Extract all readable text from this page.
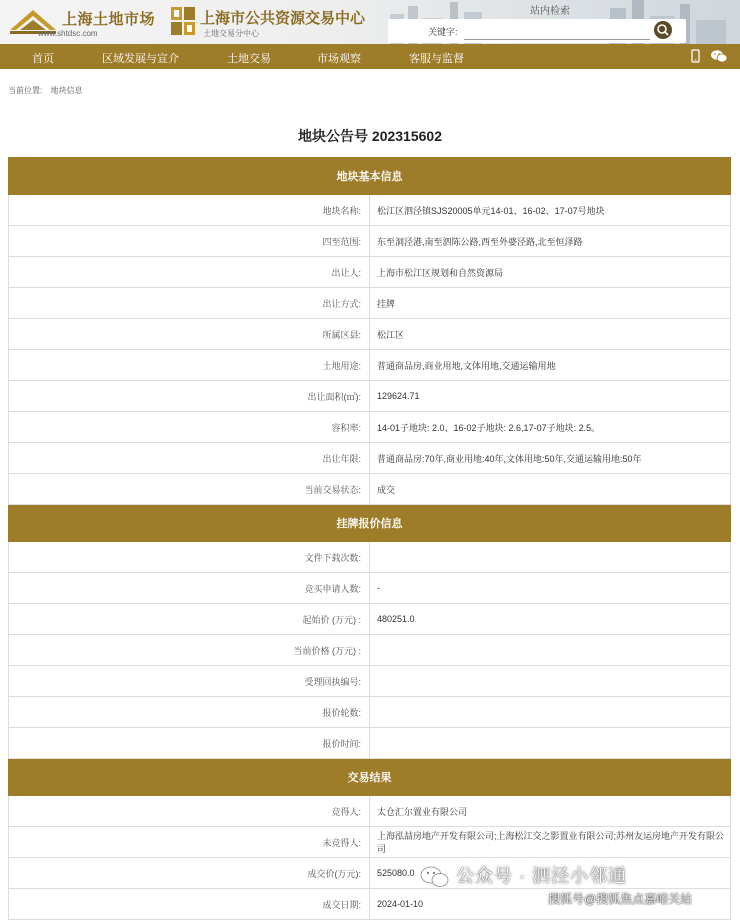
上海土地市场
www.shtdsc.com
上海市公共资源交易中心
土地交易分中心
站内检索
关键字:
首页	区域发展与宣介	土地交易	市场观察	客服与监督
当前位置: 地块信息
地块公告号 202315602
地块基本信息	
地块名称:	松江区泗泾镇SJS20005单元14-01、16-02、17-07号地块
四至范围:	东至洞泾港,南至泗陈公路,西至外婆泾路,北至恒泽路
出让人:	上海市松江区规划和自然资源局
出让方式:	挂牌
所属区县:	松江区
土地用途:	普通商品房,商业用地,文体用地,交通运输用地
出让面积(㎡):	129624.71
容积率:	14-01子地块: 2.0、16-02子地块: 2.6,17-07子地块: 2.5。
出让年限:	普通商品房:70年,商业用地:40年,文体用地:50年,交通运输用地:50年
当前交易状态:	成交
挂牌报价信息	
文件下载次数:	
竞买申请人数:	-
起始价 (万元) :	480251.0
当前价格 (万元) :	
受理回执编号:	
报价轮数:	
报价时间:	
交易结果	
竞得人:	太仓汇尔置业有限公司
未竞得人:	上海泓喆房地产开发有限公司;上海松江交之影置业有限公司;苏州友运房地产开发有限公司
成交价(万元):	525080.0
成交日期:	2024-01-10
公众号 · 泗泾小邻通
搜狐号@搜狐焦点嘉峪关站
